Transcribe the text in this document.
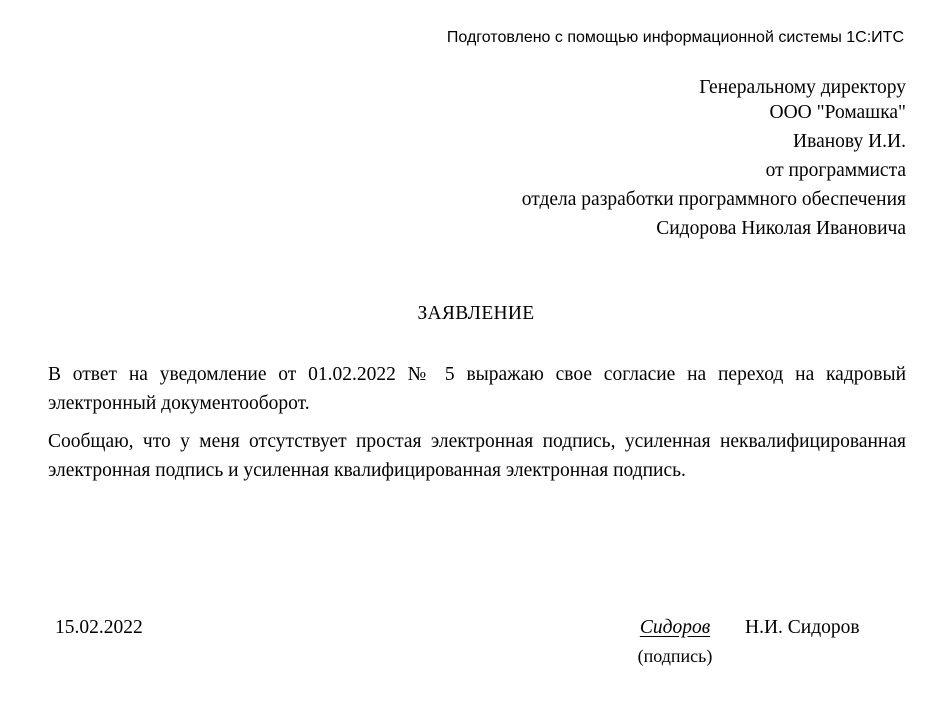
Подготовлено с помощью информационной системы 1С:ИТС
Генеральному директору
ООО "Ромашка"
Иванову И.И.
от программиста
отдела разработки программного обеспечения
Сидорова Николая Ивановича
ЗАЯВЛЕНИЕ

В ответ на уведомление от 01.02.2022 № 5 выражаю свое согласие на переход на кадровый электронный документооборот.

Сообщаю, что у меня отсутствует простая электронная подпись, усиленная неквалифицированная электронная подпись и усиленная квалифицированная электронная подпись.

15.02.2022	Сидоров
(подпись)
Н.И. Сидоров
